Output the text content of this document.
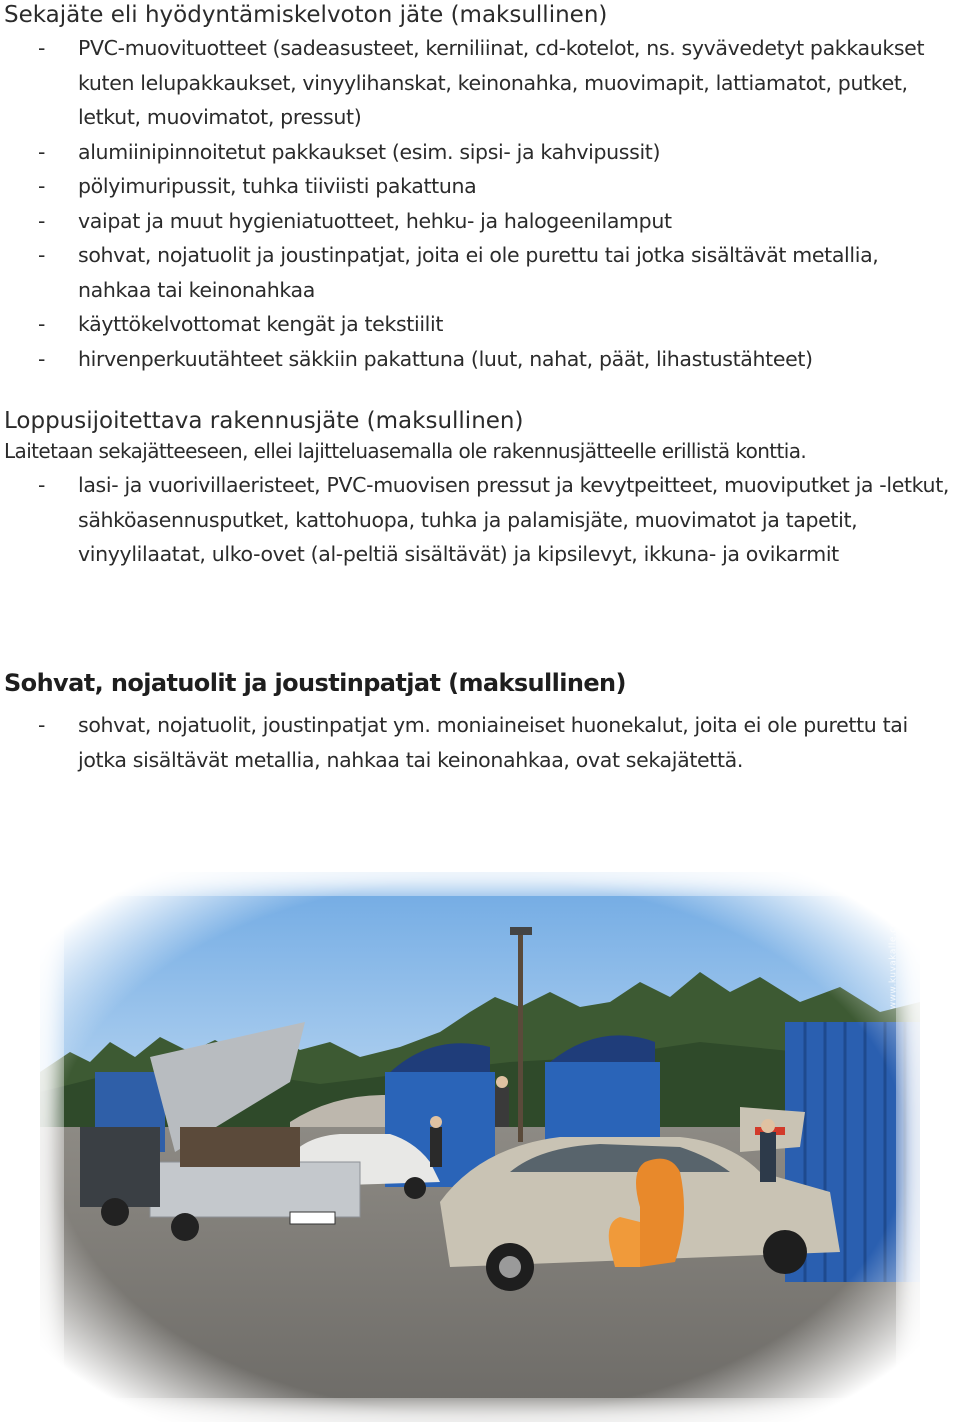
Sekajäte eli hyödyntämiskelvoton jäte (maksullinen)
- PVC-muovituotteet (sadeasusteet, kerniliinat, cd-kotelot, ns. syvävedetyt pakkaukset kuten lelupakkaukset, vinyylihanskat, keinonahka, muovimapit, lattiamatot, putket, letkut, muovimatot, pressut)
- alumiinipinnoitetut pakkaukset (esim. sipsi- ja kahvipussit)
- pölyimuripussit, tuhka tiiviisti pakattuna
- vaipat ja muut hygieniatuotteet, hehku- ja halogeenilamput
- sohvat, nojatuolit ja joustinpatjat, joita ei ole purettu tai jotka sisältävät metallia, nahkaa tai keinonahkaa
- käyttökelvottomat kengät ja tekstiilit
- hirvenperkuutähteet säkkiin pakattuna (luut, nahat, päät, lihastustähteet)
Loppusijoitettava rakennusjäte (maksullinen)

Laitetaan sekajätteeseen, ellei lajitteluasemalla ole rakennusjätteelle erillistä konttia.

- lasi- ja vuorivillaeristeet, PVC-muovisen pressut ja kevytpeitteet, muoviputket ja -letkut, sähköasennusputket, kattohuopa, tuhka ja palamisjäte, muovimatot ja tapetit, vinyylilaatat, ulko-ovet (al-peltiä sisältävät) ja kipsilevyt, ikkuna- ja ovikarmit
Sohvat, nojatuolit ja joustinpatjat (maksullinen)
- sohvat, nojatuolit, joustinpatjat ym. moniaineiset huonekalut, joita ei ole purettu tai jotka sisältävät metallia, nahkaa tai keinonahkaa, ovat sekajätettä.
www.kuvakalle.com
